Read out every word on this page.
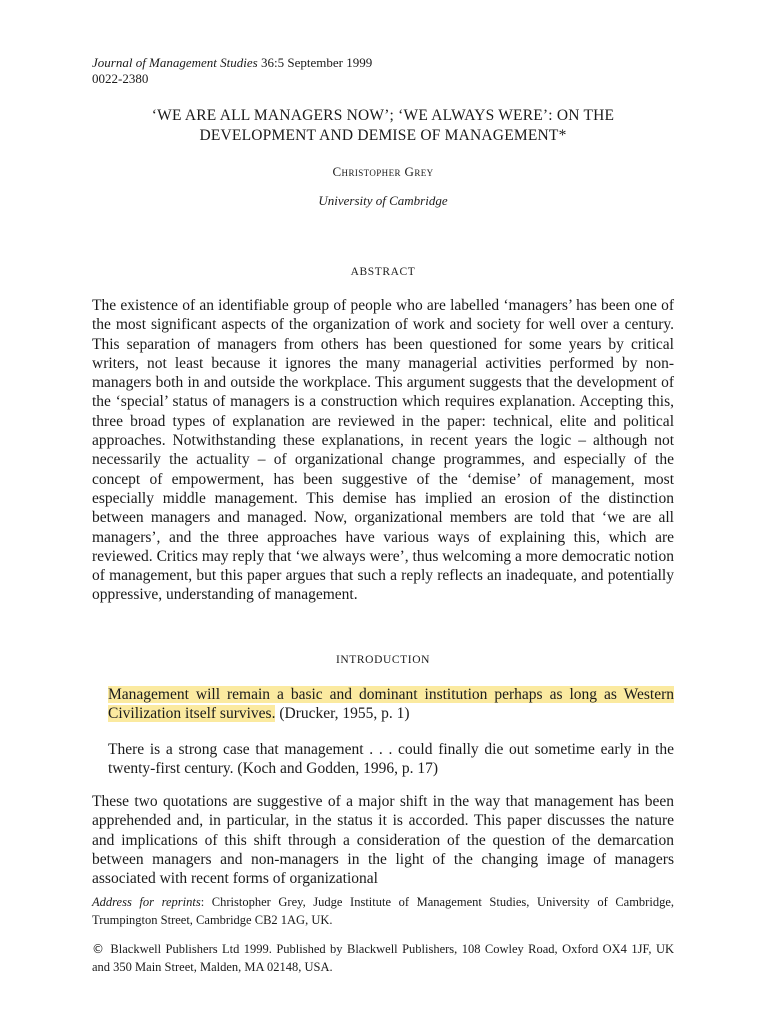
Journal of Management Studies 36:5 September 1999
0022-2380
‘WE ARE ALL MANAGERS NOW’; ‘WE ALWAYS WERE’: ON THE
DEVELOPMENT AND DEMISE OF MANAGEMENT*
Christopher Grey
University of Cambridge
ABSTRACT
The existence of an identifiable group of people who are labelled ‘managers’ has been one of the most significant aspects of the organization of work and society for well over a century. This separation of managers from others has been questioned for some years by critical writers, not least because it ignores the many managerial activities performed by non-managers both in and outside the workplace. This argument suggests that the development of the ‘special’ status of managers is a construction which requires explanation. Accepting this, three broad types of explanation are reviewed in the paper: technical, elite and political approaches. Notwithstanding these explanations, in recent years the logic – although not necessarily the actuality – of organizational change programmes, and especially of the concept of empowerment, has been suggestive of the ‘demise’ of management, most especially middle management. This demise has implied an erosion of the distinction between managers and managed. Now, organizational members are told that ‘we are all managers’, and the three approaches have various ways of explaining this, which are reviewed. Critics may reply that ‘we always were’, thus welcoming a more democratic notion of management, but this paper argues that such a reply reflects an inadequate, and potentially oppressive, understanding of management.
INTRODUCTION
Management will remain a basic and dominant institution perhaps as long as Western Civilization itself survives. (Drucker, 1955, p. 1)
There is a strong case that management . . . could finally die out sometime early in the twenty-first century. (Koch and Godden, 1996, p. 17)
These two quotations are suggestive of a major shift in the way that management has been apprehended and, in particular, in the status it is accorded. This paper discusses the nature and implications of this shift through a consideration of the question of the demarcation between managers and non-managers in the light of the changing image of managers associated with recent forms of organizational
Address for reprints: Christopher Grey, Judge Institute of Management Studies, University of Cambridge, Trumpington Street, Cambridge CB2 1AG, UK.
© Blackwell Publishers Ltd 1999. Published by Blackwell Publishers, 108 Cowley Road, Oxford OX4 1JF, UK and 350 Main Street, Malden, MA 02148, USA.
